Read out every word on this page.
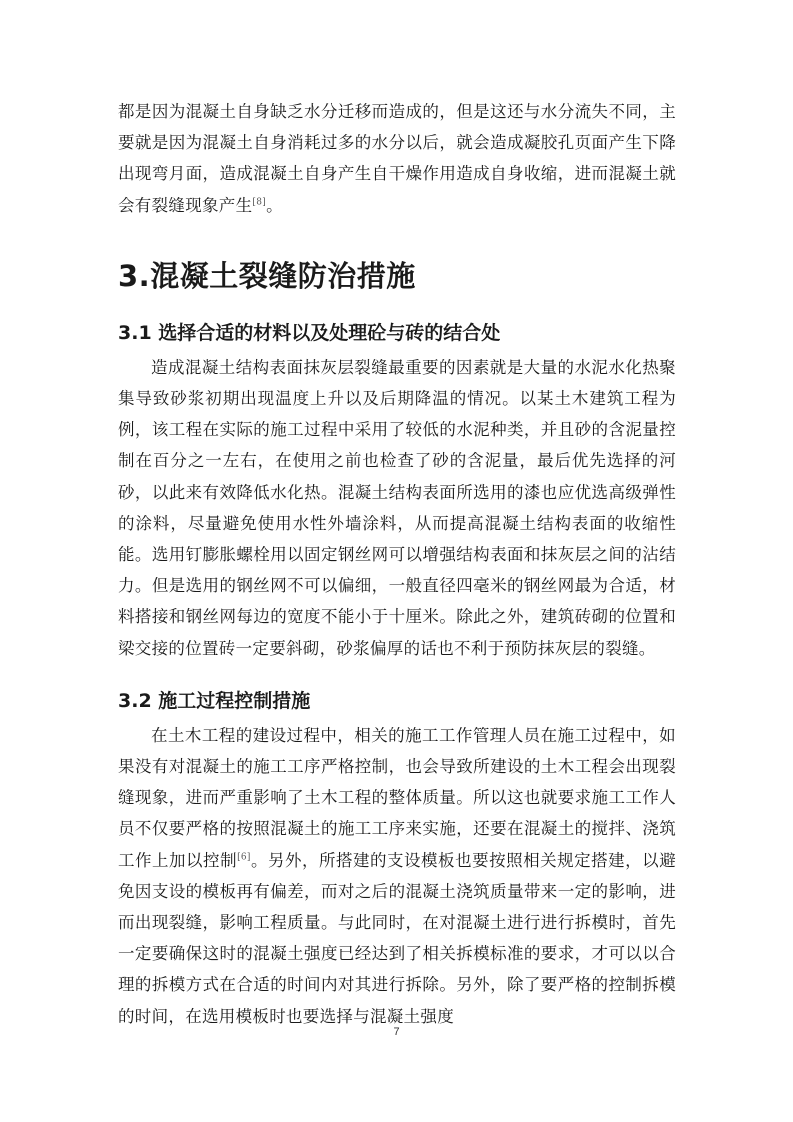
都是因为混凝土自身缺乏水分迁移而造成的，但是这还与水分流失不同，主要就是因为混凝土自身消耗过多的水分以后，就会造成凝胶孔页面产生下降出现弯月面，造成混凝土自身产生自干燥作用造成自身收缩，进而混凝土就会有裂缝现象产生[8]。

3.混凝土裂缝防治措施
3.1 选择合适的材料以及处理砼与砖的结合处

造成混凝土结构表面抹灰层裂缝最重要的因素就是大量的水泥水化热聚集导致砂浆初期出现温度上升以及后期降温的情况。以某土木建筑工程为例，该工程在实际的施工过程中采用了较低的水泥种类，并且砂的含泥量控制在百分之一左右，在使用之前也检查了砂的含泥量，最后优先选择的河砂，以此来有效降低水化热。混凝土结构表面所选用的漆也应优选高级弹性的涂料，尽量避免使用水性外墙涂料，从而提高混凝土结构表面的收缩性能。选用钉膨胀螺栓用以固定钢丝网可以增强结构表面和抹灰层之间的沾结力。但是选用的钢丝网不可以偏细，一般直径四毫米的钢丝网最为合适，材料搭接和钢丝网每边的宽度不能小于十厘米。除此之外，建筑砖砌的位置和梁交接的位置砖一定要斜砌，砂浆偏厚的话也不利于预防抹灰层的裂缝。

3.2 施工过程控制措施

在土木工程的建设过程中，相关的施工工作管理人员在施工过程中，如果没有对混凝土的施工工序严格控制，也会导致所建设的土木工程会出现裂缝现象，进而严重影响了土木工程的整体质量。所以这也就要求施工工作人员不仅要严格的按照混凝土的施工工序来实施，还要在混凝土的搅拌、浇筑工作上加以控制[6]。另外，所搭建的支设模板也要按照相关规定搭建，以避免因支设的模板再有偏差，而对之后的混凝土浇筑质量带来一定的影响，进而出现裂缝，影响工程质量。与此同时，在对混凝土进行进行拆模时，首先一定要确保这时的混凝土强度已经达到了相关拆模标准的要求，才可以以合理的拆模方式在合适的时间内对其进行拆除。另外，除了要严格的控制拆模的时间，在选用模板时也要选择与混凝土强度

7
